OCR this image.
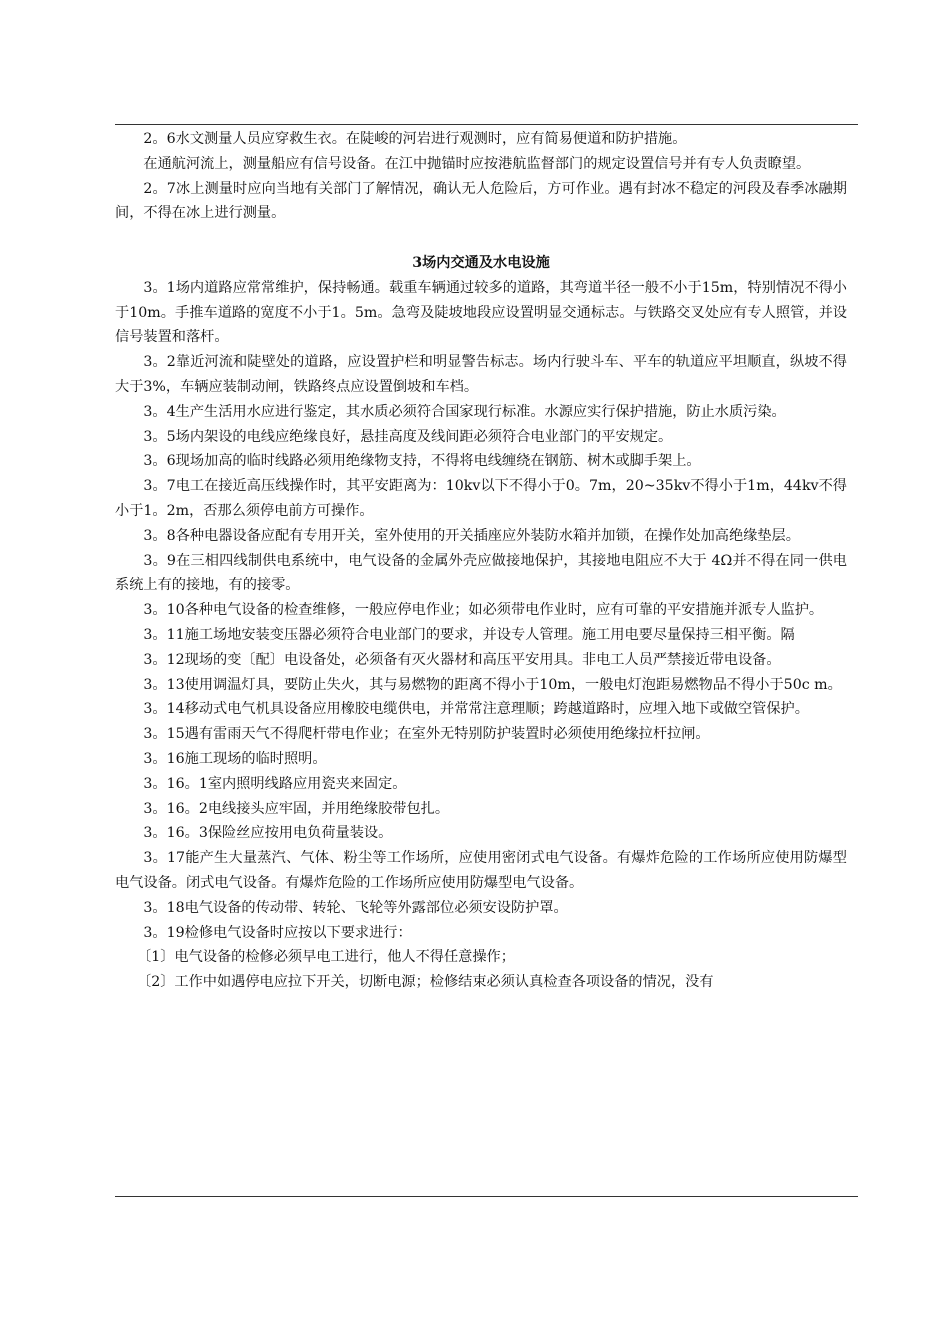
2。6水文测量人员应穿救生衣。在陡峻的河岩进行观测时，应有简易便道和防护措施。

在通航河流上，测量船应有信号设备。在江中抛锚时应按港航监督部门的规定设置信号并有专人负责瞭望。

2。7冰上测量时应向当地有关部门了解情况，确认无人危险后，方可作业。遇有封冰不稳定的河段及春季冰融期间，不得在冰上进行测量。

3场内交通及水电设施

3。1场内道路应常常维护，保持畅通。载重车辆通过较多的道路，其弯道半径一般不小于15m，特别情况不得小于10m。手推车道路的宽度不小于1。5m。急弯及陡坡地段应设置明显交通标志。与铁路交叉处应有专人照管，并设信号装置和落杆。

3。2靠近河流和陡壁处的道路，应设置护栏和明显警告标志。场内行驶斗车、平车的轨道应平坦顺直，纵坡不得大于3%，车辆应装制动闸，铁路终点应设置倒坡和车档。

3。4生产生活用水应进行鉴定，其水质必须符合国家现行标准。水源应实行保护措施，防止水质污染。

3。5场内架设的电线应绝缘良好，悬挂高度及线间距必须符合电业部门的平安规定。

3。6现场加高的临时线路必须用绝缘物支持，不得将电线缠绕在钢筋、树木或脚手架上。

3。7电工在接近高压线操作时，其平安距离为：10kv以下不得小于0。7m，20~35kv不得小于1m，44kv不得小于1。2m，否那么须停电前方可操作。

3。8各种电器设备应配有专用开关，室外使用的开关插座应外装防水箱并加锁，在操作处加高绝缘垫层。

3。9在三相四线制供电系统中，电气设备的金属外壳应做接地保护，其接地电阻应不大于 4Ω并不得在同一供电系统上有的接地，有的接零。

3。10各种电气设备的检查维修，一般应停电作业；如必须带电作业时，应有可靠的平安措施并派专人监护。

3。11施工场地安装变压器必须符合电业部门的要求，并设专人管理。施工用电要尽量保持三相平衡。隔

3。12现场的变〔配〕电设备处，必须备有灭火器材和高压平安用具。非电工人员严禁接近带电设备。

3。13使用调温灯具，要防止失火，其与易燃物的距离不得小于10m，一般电灯泡距易燃物品不得小于50c m。

3。14移动式电气机具设备应用橡胶电缆供电，并常常注意理顺；跨越道路时，应埋入地下或做空管保护。

3。15遇有雷雨天气不得爬杆带电作业；在室外无特别防护装置时必须使用绝缘拉杆拉闸。

3。16施工现场的临时照明。

3。16。1室内照明线路应用瓷夹来固定。

3。16。2电线接头应牢固，并用绝缘胶带包扎。

3。16。3保险丝应按用电负荷量装设。

3。17能产生大量蒸汽、气体、粉尘等工作场所，应使用密闭式电气设备。有爆炸危险的工作场所应使用防爆型电气设备。闭式电气设备。有爆炸危险的工作场所应使用防爆型电气设备。

3。18电气设备的传动带、转轮、飞轮等外露部位必须安设防护罩。

3。19检修电气设备时应按以下要求进行：

〔1〕电气设备的检修必须早电工进行，他人不得任意操作；

〔2〕工作中如遇停电应拉下开关，切断电源；检修结束必须认真检查各项设备的情况，没有
